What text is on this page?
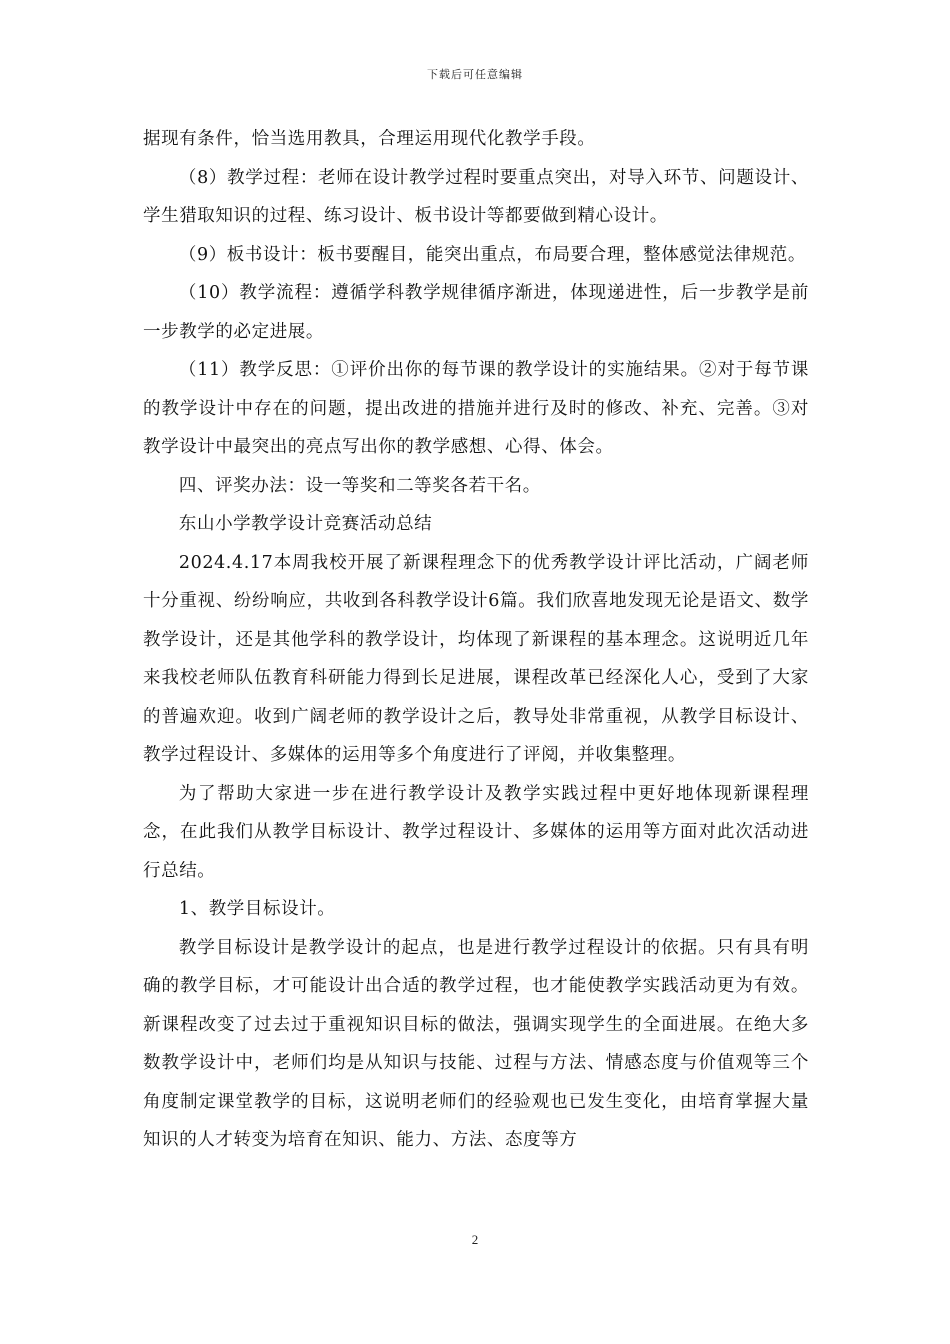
下载后可任意编辑

据现有条件，恰当选用教具，合理运用现代化教学手段。

（8）教学过程：老师在设计教学过程时要重点突出，对导入环节、问题设计、学生猎取知识的过程、练习设计、板书设计等都要做到精心设计。

（9）板书设计：板书要醒目，能突出重点，布局要合理，整体感觉法律规范。

（10）教学流程：遵循学科教学规律循序渐进，体现递进性，后一步教学是前一步教学的必定进展。

（11）教学反思：①评价出你的每节课的教学设计的实施结果。②对于每节课的教学设计中存在的问题，提出改进的措施并进行及时的修改、补充、完善。③对教学设计中最突出的亮点写出你的教学感想、心得、体会。

四、评奖办法：设一等奖和二等奖各若干名。

东山小学教学设计竞赛活动总结

2024.4.17本周我校开展了新课程理念下的优秀教学设计评比活动，广阔老师十分重视、纷纷响应，共收到各科教学设计6篇。我们欣喜地发现无论是语文、数学教学设计，还是其他学科的教学设计，均体现了新课程的基本理念。这说明近几年来我校老师队伍教育科研能力得到长足进展，课程改革已经深化人心，受到了大家的普遍欢迎。收到广阔老师的教学设计之后，教导处非常重视，从教学目标设计、教学过程设计、多媒体的运用等多个角度进行了评阅，并收集整理。

为了帮助大家进一步在进行教学设计及教学实践过程中更好地体现新课程理念，在此我们从教学目标设计、教学过程设计、多媒体的运用等方面对此次活动进行总结。

1、教学目标设计。

教学目标设计是教学设计的起点，也是进行教学过程设计的依据。只有具有明确的教学目标，才可能设计出合适的教学过程，也才能使教学实践活动更为有效。新课程改变了过去过于重视知识目标的做法，强调实现学生的全面进展。在绝大多数教学设计中，老师们均是从知识与技能、过程与方法、情感态度与价值观等三个角度制定课堂教学的目标，这说明老师们的经验观也已发生变化，由培育掌握大量知识的人才转变为培育在知识、能力、方法、态度等方

2
